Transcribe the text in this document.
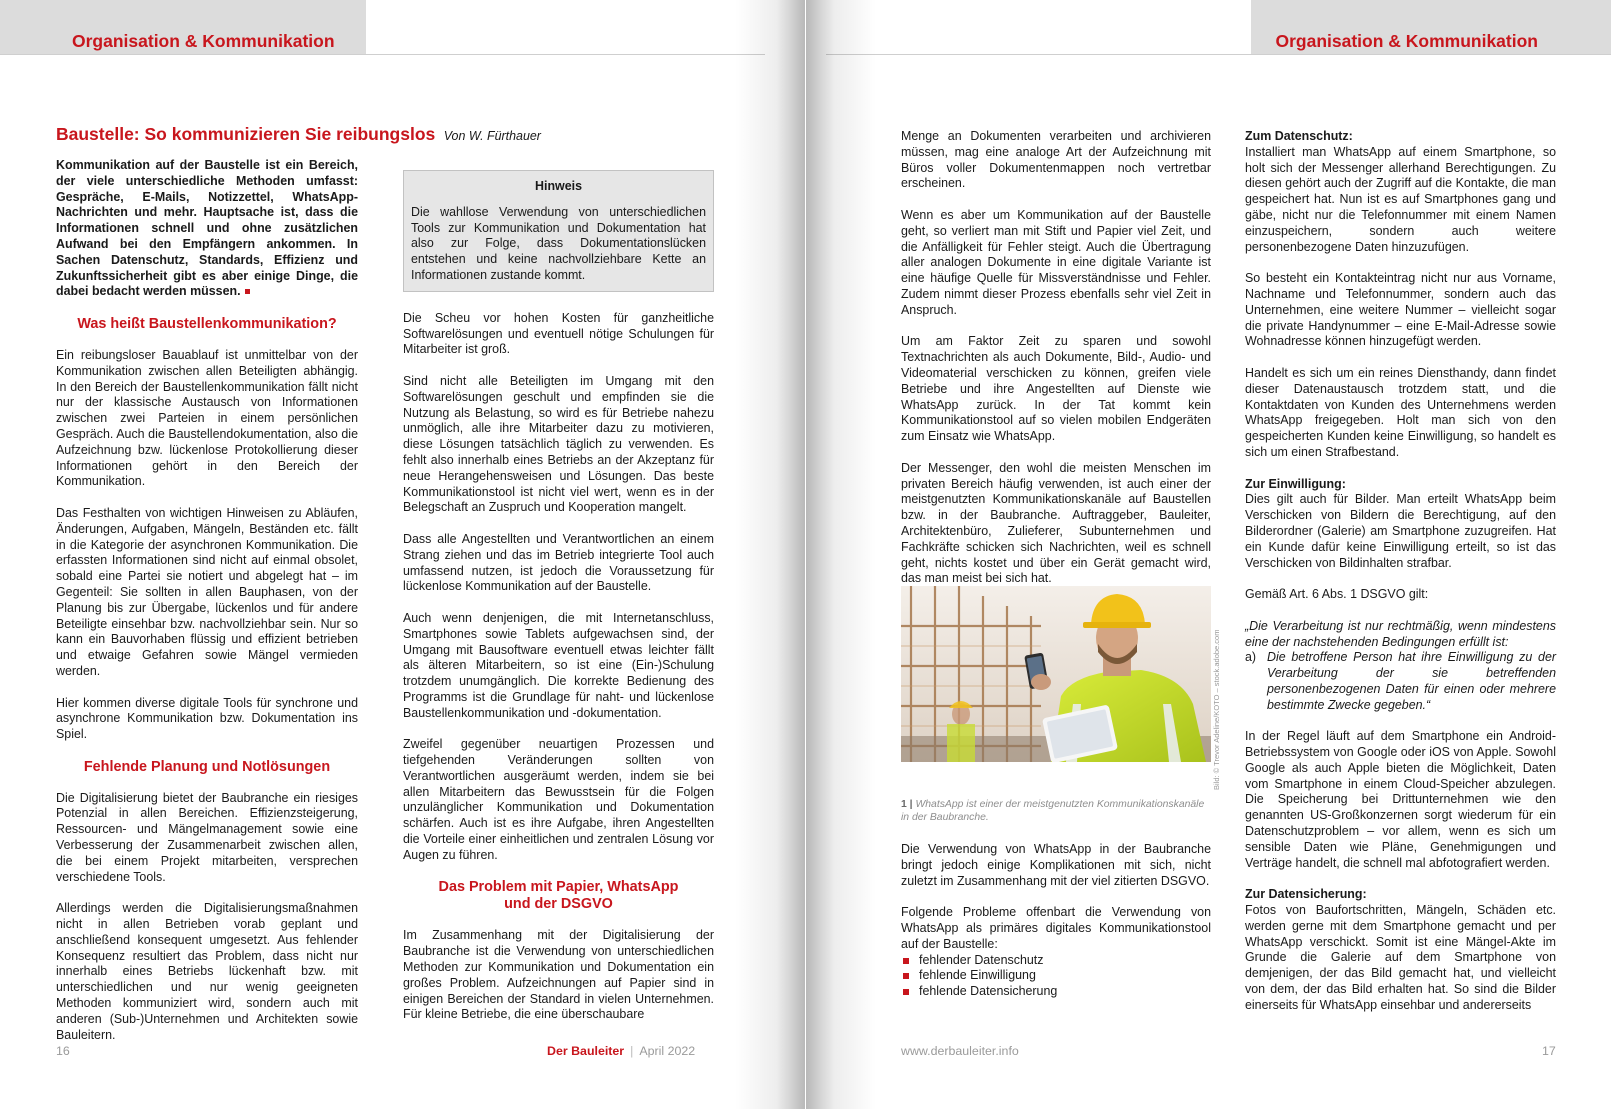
Organisation & Kommunikation
Baustelle: So kommunizieren Sie reibungslos Von W. Fürthauer

Kommunikation auf der Baustelle ist ein Bereich, der viele unterschiedliche Methoden umfasst: Gespräche, E-Mails, Notizzettel, WhatsApp-Nachrichten und mehr. Hauptsache ist, dass die Informationen schnell und ohne zusätzlichen Aufwand bei den Empfängern ankommen. In Sachen Datenschutz, Standards, Effizienz und Zukunftssicherheit gibt es aber einige Dinge, die dabei bedacht werden müssen.

Was heißt Baustellenkommunikation?

Ein reibungsloser Bauablauf ist unmittelbar von der Kommunikation zwischen allen Beteiligten abhängig. In den Bereich der Baustellenkommunikation fällt nicht nur der klassische Austausch von Informationen zwischen zwei Parteien in einem persönlichen Gespräch. Auch die Baustellendokumentation, also die Aufzeichnung bzw. lückenlose Protokollierung dieser Informationen gehört in den Bereich der Kommunikation.

Das Festhalten von wichtigen Hinweisen zu Abläufen, Änderungen, Aufgaben, Mängeln, Beständen etc. fällt in die Kategorie der asynchronen Kommunikation. Die erfassten Informationen sind nicht auf einmal obsolet, sobald eine Partei sie notiert und abgelegt hat – im Gegenteil: Sie sollten in allen Bauphasen, von der Planung bis zur Übergabe, lückenlos und für andere Beteiligte einsehbar bzw. nachvollziehbar sein. Nur so kann ein Bauvorhaben flüssig und effizient betrieben und etwaige Gefahren sowie Mängel vermieden werden.

Hier kommen diverse digitale Tools für synchrone und asynchrone Kommunikation bzw. Dokumentation ins Spiel.

Fehlende Planung und Notlösungen

Die Digitalisierung bietet der Baubranche ein riesiges Potenzial in allen Bereichen. Effizienzsteigerung, Ressourcen- und Mängelmanagement sowie eine Verbesserung der Zusammenarbeit zwischen allen, die bei einem Projekt mitarbeiten, versprechen verschiedene Tools.

Allerdings werden die Digitalisierungsmaßnahmen nicht in allen Betrieben vorab geplant und anschließend konsequent umgesetzt. Aus fehlender Konsequenz resultiert das Problem, dass nicht nur innerhalb eines Betriebs lückenhaft bzw. mit unterschiedlichen und nur wenig geeigneten Methoden kommuniziert wird, sondern auch mit anderen (Sub-)Unternehmen und Architekten sowie Bauleitern.

Hinweis

Die wahllose Verwendung von unterschiedlichen Tools zur Kommunikation und Dokumentation hat also zur Folge, dass Dokumentationslücken entstehen und keine nachvollziehbare Kette an Informationen zustande kommt.

Die Scheu vor hohen Kosten für ganzheitliche Softwarelösungen und eventuell nötige Schulungen für Mitarbeiter ist groß.

Sind nicht alle Beteiligten im Umgang mit den Softwarelösungen geschult und empfinden sie die Nutzung als Belastung, so wird es für Betriebe nahezu unmöglich, alle ihre Mitarbeiter dazu zu motivieren, diese Lösungen tatsächlich täglich zu verwenden. Es fehlt also innerhalb eines Betriebs an der Akzeptanz für neue Herangehensweisen und Lösungen. Das beste Kommunikationstool ist nicht viel wert, wenn es in der Belegschaft an Zuspruch und Kooperation mangelt.

Dass alle Angestellten und Verantwortlichen an einem Strang ziehen und das im Betrieb integrierte Tool auch umfassend nutzen, ist jedoch die Voraussetzung für lückenlose Kommunikation auf der Baustelle.

Auch wenn denjenigen, die mit Internetanschluss, Smartphones sowie Tablets aufgewachsen sind, der Umgang mit Bausoftware eventuell etwas leichter fällt als älteren Mitarbeitern, so ist eine (Ein-)Schulung trotzdem unumgänglich. Die korrekte Bedienung des Programms ist die Grundlage für naht- und lückenlose Baustellenkommunikation und -dokumentation.

Zweifel gegenüber neuartigen Prozessen und tiefgehenden Veränderungen sollten von Verantwortlichen ausgeräumt werden, indem sie bei allen Mitarbeitern das Bewusstsein für die Folgen unzulänglicher Kommunikation und Dokumentation schärfen. Auch ist es ihre Aufgabe, ihren Angestellten die Vorteile einer einheitlichen und zentralen Lösung vor Augen zu führen.

Das Problem mit Papier, WhatsApp
und der DSGVO

Im Zusammenhang mit der Digitalisierung der Baubranche ist die Verwendung von unterschiedlichen Methoden zur Kommunikation und Dokumentation ein großes Problem. Aufzeichnungen auf Papier sind in einigen Bereichen der Standard in vielen Unternehmen. Für kleine Betriebe, die eine überschaubare

16	Der Bauleiter | April 2022
Organisation & Kommunikation

Menge an Dokumenten verarbeiten und archivieren müssen, mag eine analoge Art der Aufzeichnung mit Büros voller Dokumentenmappen noch vertretbar erscheinen.

Wenn es aber um Kommunikation auf der Baustelle geht, so verliert man mit Stift und Papier viel Zeit, und die Anfälligkeit für Fehler steigt. Auch die Übertragung aller analogen Dokumente in eine digitale Variante ist eine häufige Quelle für Missverständnisse und Fehler. Zudem nimmt dieser Prozess ebenfalls sehr viel Zeit in Anspruch.

Um am Faktor Zeit zu sparen und sowohl Textnachrichten als auch Dokumente, Bild-, Audio- und Videomaterial verschicken zu können, greifen viele Betriebe und ihre Angestellten auf Dienste wie WhatsApp zurück. In der Tat kommt kein Kommunikationstool auf so vielen mobilen Endgeräten zum Einsatz wie WhatsApp.

Der Messenger, den wohl die meisten Menschen im privaten Bereich häufig verwenden, ist auch einer der meistgenutzten Kommunikationskanäle auf Baustellen bzw. in der Baubranche. Auftraggeber, Bauleiter, Architektenbüro, Zulieferer, Subunternehmen und Fachkräfte schicken sich Nachrichten, weil es schnell geht, nichts kostet und über ein Gerät gemacht wird, das man meist bei sich hat.

Bild: © Trevor Adeline/KOTO – stock.adobe.com
1 | WhatsApp ist einer der meistgenutzten Kommunikationskanäle in der Baubranche.

Die Verwendung von WhatsApp in der Baubranche bringt jedoch einige Komplikationen mit sich, nicht zuletzt im Zusammenhang mit der viel zitierten DSGVO.

Folgende Probleme offenbart die Verwendung von WhatsApp als primäres digitales Kommunikationstool auf der Baustelle:

fehlender Datenschutz
fehlende Einwilligung
fehlende Datensicherung

Zum Datenschutz:
Installiert man WhatsApp auf einem Smartphone, so holt sich der Messenger allerhand Berechtigungen. Zu diesen gehört auch der Zugriff auf die Kontakte, die man gespeichert hat. Nun ist es auf Smartphones gang und gäbe, nicht nur die Telefonnummer mit einem Namen einzuspeichern, sondern auch weitere personenbezogene Daten hinzuzufügen.

So besteht ein Kontakteintrag nicht nur aus Vorname, Nachname und Telefonnummer, sondern auch das Unternehmen, eine weitere Nummer – vielleicht sogar die private Handynummer – eine E-Mail-Adresse sowie Wohnadresse können hinzugefügt werden.

Handelt es sich um ein reines Diensthandy, dann findet dieser Datenaustausch trotzdem statt, und die Kontaktdaten von Kunden des Unternehmens werden WhatsApp freigegeben. Holt man sich von den gespeicherten Kunden keine Einwilligung, so handelt es sich um einen Strafbestand.

Zur Einwilligung:
Dies gilt auch für Bilder. Man erteilt WhatsApp beim Verschicken von Bildern die Berechtigung, auf den Bilderordner (Galerie) am Smartphone zuzugreifen. Hat ein Kunde dafür keine Einwilligung erteilt, so ist das Verschicken von Bildinhalten strafbar.

Gemäß Art. 6 Abs. 1 DSGVO gilt:

„Die Verarbeitung ist nur rechtmäßig, wenn mindestens eine der nachstehenden Bedingungen erfüllt ist:
a) Die betroffene Person hat ihre Einwilligung zu der Verarbeitung der sie betreffenden personenbezogenen Daten für einen oder mehrere bestimmte Zwecke gegeben.“

In der Regel läuft auf dem Smartphone ein Android-Betriebssystem von Google oder iOS von Apple. Sowohl Google als auch Apple bieten die Möglichkeit, Daten vom Smartphone in einem Cloud-Speicher abzulegen. Die Speicherung bei Drittunternehmen wie den genannten US-Großkonzernen sorgt wiederum für ein Datenschutzproblem – vor allem, wenn es sich um sensible Daten wie Pläne, Genehmigungen und Verträge handelt, die schnell mal abfotografiert werden.

Zur Datensicherung:
Fotos von Baufortschritten, Mängeln, Schäden etc. werden gerne mit dem Smartphone gemacht und per WhatsApp verschickt. Somit ist eine Mängel-Akte im Grunde die Galerie auf dem Smartphone von demjenigen, der das Bild gemacht hat, und vielleicht von dem, der das Bild erhalten hat. So sind die Bilder einerseits für WhatsApp einsehbar und andererseits

www.derbauleiter.info	17
